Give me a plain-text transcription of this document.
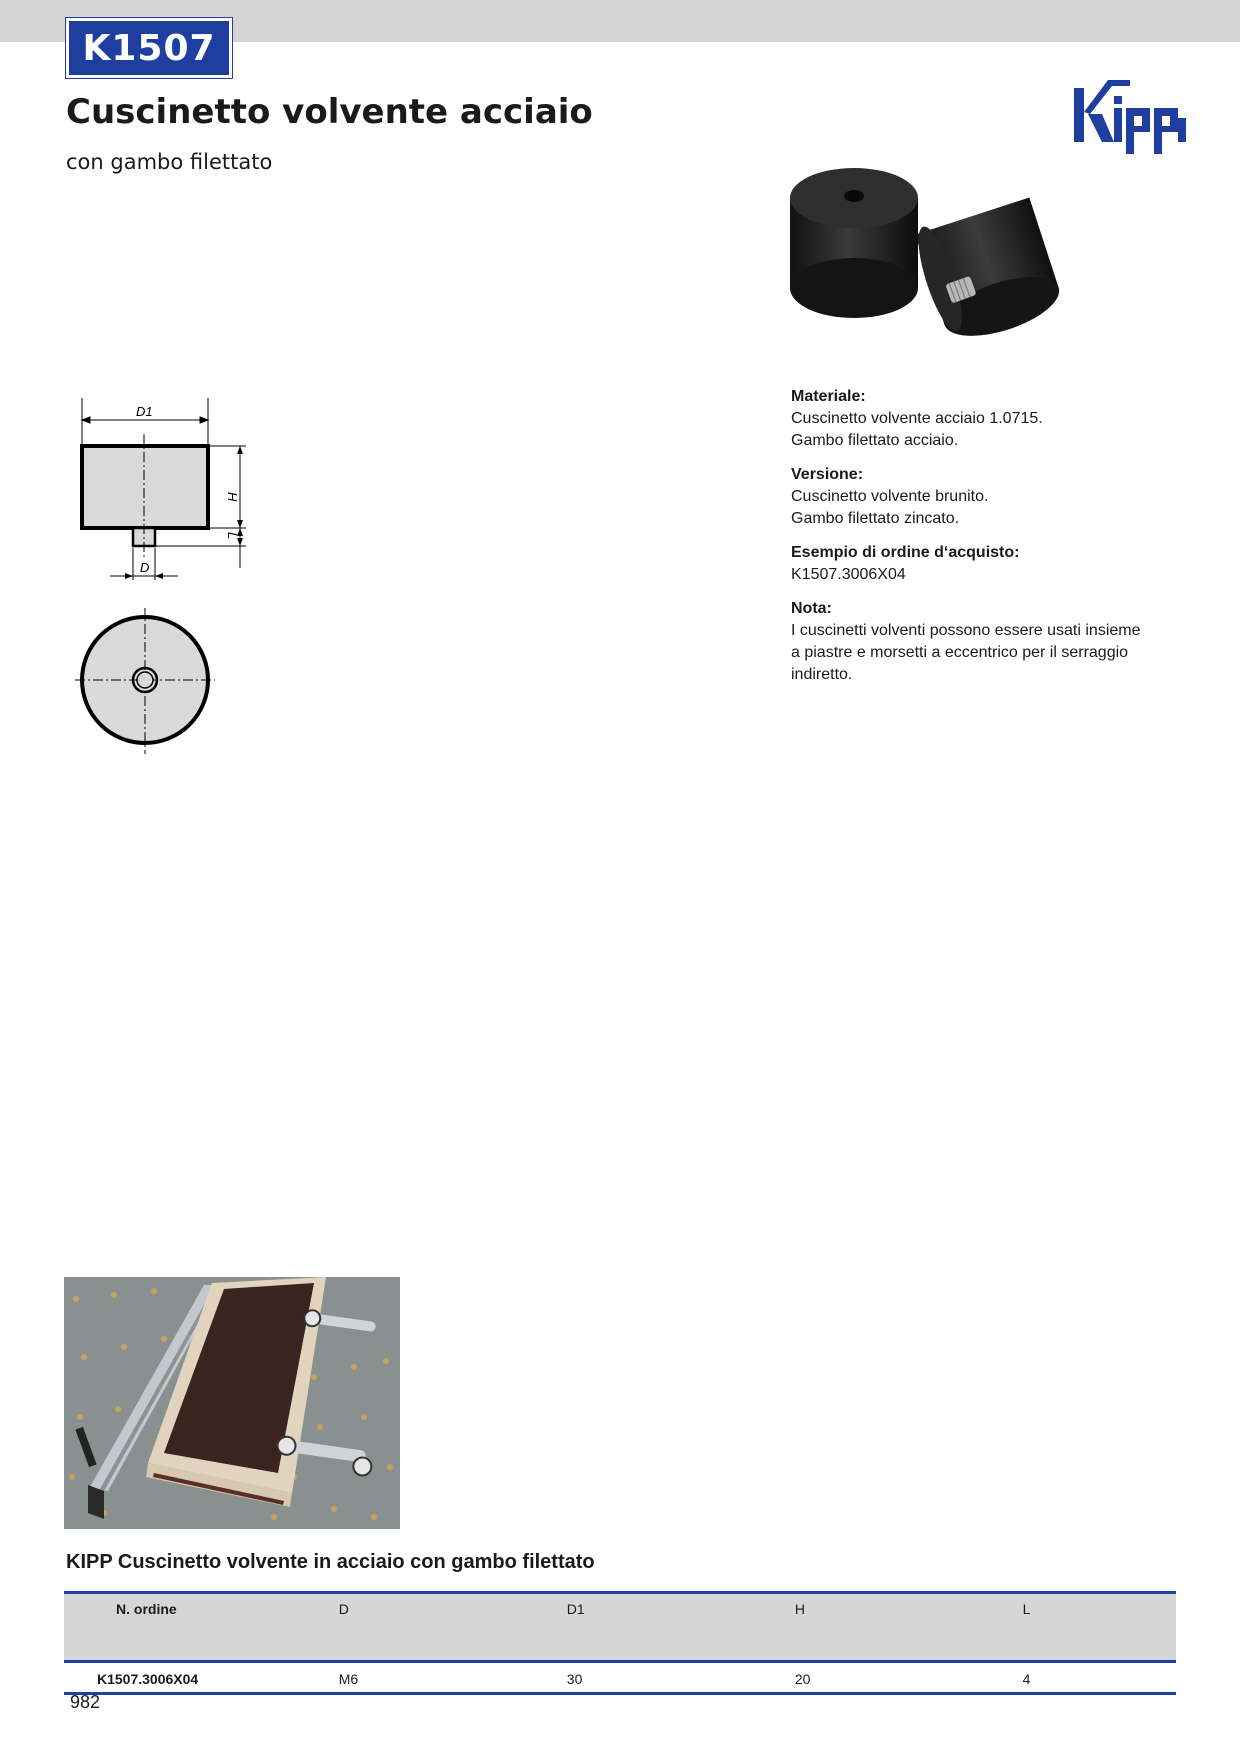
K1507
Cuscinetto volvente acciaio
con gambo filettato
D1
H
L
D
Materiale:
Cuscinetto volvente acciaio 1.0715.
Gambo filettato acciaio.
Versione:
Cuscinetto volvente brunito.
Gambo filettato zincato.
Esempio di ordine d‘acquisto:
K1507.3006X04
Nota:
I cuscinetti volventi possono essere usati insieme
a piastre e morsetti a eccentrico per il serraggio
indiretto.
KIPP Cuscinetto volvente in acciaio con gambo filettato
N. ordine	D	D1	H	L
K1507.3006X04	M6	30	20	4
982
